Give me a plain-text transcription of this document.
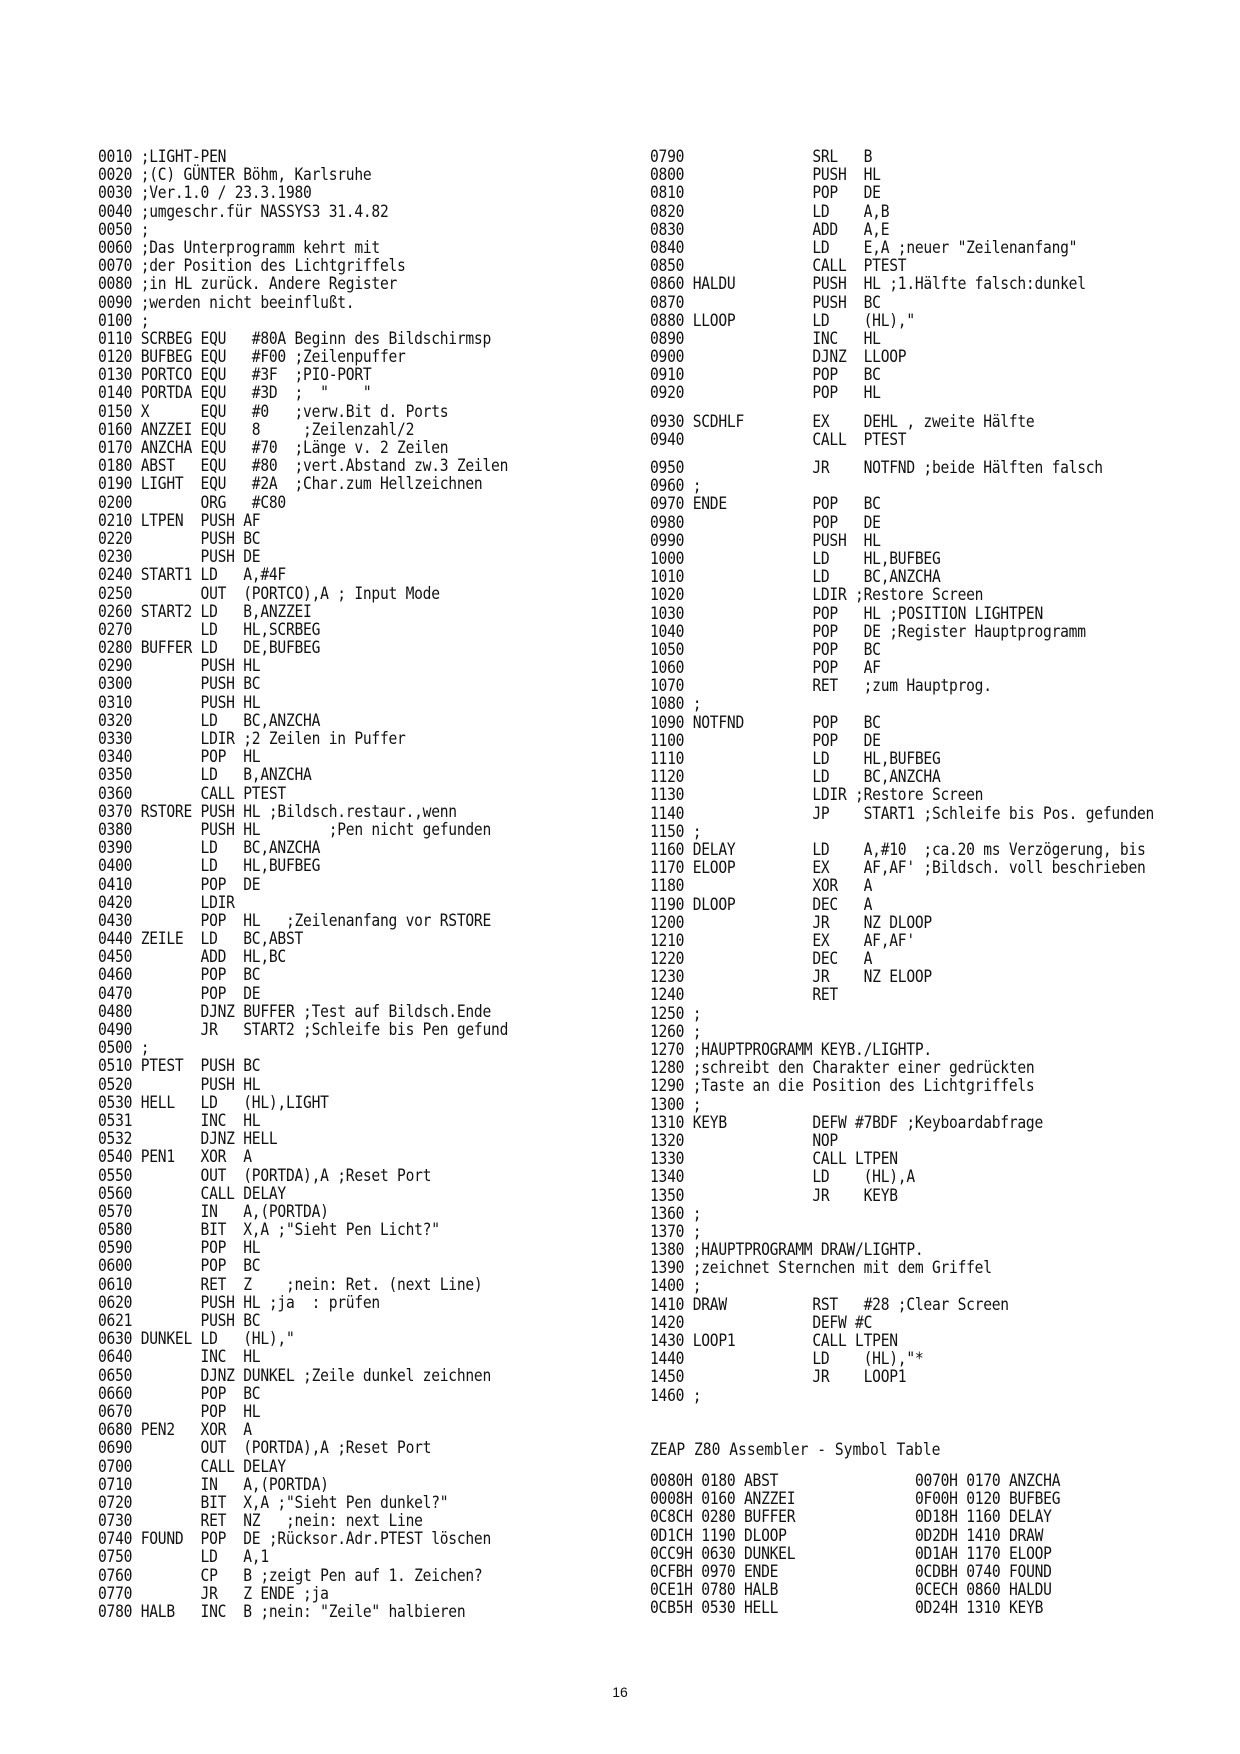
0010 ;LIGHT-PEN
0020 ;(C) GÜNTER Böhm, Karlsruhe
0030 ;Ver.1.0 / 23.3.1980
0040 ;umgeschr.für NASSYS3 31.4.82
0050 ;
0060 ;Das Unterprogramm kehrt mit
0070 ;der Position des Lichtgriffels
0080 ;in HL zurück. Andere Register
0090 ;werden nicht beeinflußt.
0100 ;
0110 SCRBEG EQU   #80A Beginn des Bildschirmsp
0120 BUFBEG EQU   #F00 ;Zeilenpuffer
0130 PORTCO EQU   #3F  ;PIO-PORT
0140 PORTDA EQU   #3D  ;  "    "
0150 X      EQU   #0   ;verw.Bit d. Ports
0160 ANZZEI EQU   8     ;Zeilenzahl/2
0170 ANZCHA EQU   #70  ;Länge v. 2 Zeilen
0180 ABST   EQU   #80  ;vert.Abstand zw.3 Zeilen
0190 LIGHT  EQU   #2A  ;Char.zum Hellzeichnen
0200        ORG   #C80
0210 LTPEN  PUSH AF
0220        PUSH BC
0230        PUSH DE
0240 START1 LD   A,#4F
0250        OUT  (PORTCO),A ; Input Mode
0260 START2 LD   B,ANZZEI
0270        LD   HL,SCRBEG
0280 BUFFER LD   DE,BUFBEG
0290        PUSH HL
0300        PUSH BC
0310        PUSH HL
0320        LD   BC,ANZCHA
0330        LDIR ;2 Zeilen in Puffer
0340        POP  HL
0350        LD   B,ANZCHA
0360        CALL PTEST
0370 RSTORE PUSH HL ;Bildsch.restaur.,wenn
0380        PUSH HL        ;Pen nicht gefunden
0390        LD   BC,ANZCHA
0400        LD   HL,BUFBEG
0410        POP  DE
0420        LDIR
0430        POP  HL   ;Zeilenanfang vor RSTORE
0440 ZEILE  LD   BC,ABST
0450        ADD  HL,BC
0460        POP  BC
0470        POP  DE
0480        DJNZ BUFFER ;Test auf Bildsch.Ende
0490        JR   START2 ;Schleife bis Pen gefund
0500 ;
0510 PTEST  PUSH BC
0520        PUSH HL
0530 HELL   LD   (HL),LIGHT
0531        INC  HL
0532        DJNZ HELL
0540 PEN1   XOR  A
0550        OUT  (PORTDA),A ;Reset Port
0560        CALL DELAY
0570        IN   A,(PORTDA)
0580        BIT  X,A ;"Sieht Pen Licht?"
0590        POP  HL
0600        POP  BC
0610        RET  Z    ;nein: Ret. (next Line)
0620        PUSH HL ;ja  : prüfen
0621        PUSH BC
0630 DUNKEL LD   (HL),"
0640        INC  HL
0650        DJNZ DUNKEL ;Zeile dunkel zeichnen
0660        POP  BC
0670        POP  HL
0680 PEN2   XOR  A
0690        OUT  (PORTDA),A ;Reset Port
0700        CALL DELAY
0710        IN   A,(PORTDA)
0720        BIT  X,A ;"Sieht Pen dunkel?"
0730        RET  NZ   ;nein: next Line
0740 FOUND  POP  DE ;Rücksor.Adr.PTEST löschen
0750        LD   A,1
0760        CP   B ;zeigt Pen auf 1. Zeichen?
0770        JR   Z ENDE ;ja
0780 HALB   INC  B ;nein: "Zeile" halbieren
0790               SRL   B
0800               PUSH  HL
0810               POP   DE
0820               LD    A,B
0830               ADD   A,E
0840               LD    E,A ;neuer "Zeilenanfang"
0850               CALL  PTEST
0860 HALDU         PUSH  HL ;1.Hälfte falsch:dunkel
0870               PUSH  BC
0880 LLOOP         LD    (HL),"
0890               INC   HL
0900               DJNZ  LLOOP
0910               POP   BC
0920               POP   HL
0930 SCDHLF        EX    DEHL , zweite Hälfte
0940               CALL  PTEST
0950               JR    NOTFND ;beide Hälften falsch
0960 ;
0970 ENDE          POP   BC
0980               POP   DE
0990               PUSH  HL
1000               LD    HL,BUFBEG
1010               LD    BC,ANZCHA
1020               LDIR ;Restore Screen
1030               POP   HL ;POSITION LIGHTPEN
1040               POP   DE ;Register Hauptprogramm
1050               POP   BC
1060               POP   AF
1070               RET   ;zum Hauptprog.
1080 ;
1090 NOTFND        POP   BC
1100               POP   DE
1110               LD    HL,BUFBEG
1120               LD    BC,ANZCHA
1130               LDIR ;Restore Screen
1140               JP    START1 ;Schleife bis Pos. gefunden
1150 ;
1160 DELAY         LD    A,#10  ;ca.20 ms Verzögerung, bis
1170 ELOOP         EX    AF,AF' ;Bildsch. voll beschrieben
1180               XOR   A
1190 DLOOP         DEC   A
1200               JR    NZ DLOOP
1210               EX    AF,AF'
1220               DEC   A
1230               JR    NZ ELOOP
1240               RET
1250 ;
1260 ;
1270 ;HAUPTPROGRAMM KEYB./LIGHTP.
1280 ;schreibt den Charakter einer gedrückten
1290 ;Taste an die Position des Lichtgriffels
1300 ;
1310 KEYB          DEFW #7BDF ;Keyboardabfrage
1320               NOP
1330               CALL LTPEN
1340               LD    (HL),A
1350               JR    KEYB
1360 ;
1370 ;
1380 ;HAUPTPROGRAMM DRAW/LIGHTP.
1390 ;zeichnet Sternchen mit dem Griffel
1400 ;
1410 DRAW          RST   #28 ;Clear Screen
1420               DEFW #C
1430 LOOP1         CALL LTPEN
1440               LD    (HL),"*
1450               JR    LOOP1
1460 ;
ZEAP Z80 Assembler - Symbol Table
0080H 0180 ABST
0008H 0160 ANZZEI
0C8CH 0280 BUFFER
0D1CH 1190 DLOOP
0CC9H 0630 DUNKEL
0CFBH 0970 ENDE
0CE1H 0780 HALB
0CB5H 0530 HELL
0070H 0170 ANZCHA
0F00H 0120 BUFBEG
0D18H 1160 DELAY
0D2DH 1410 DRAW
0D1AH 1170 ELOOP
0CDBH 0740 FOUND
0CECH 0860 HALDU
0D24H 1310 KEYB
16
